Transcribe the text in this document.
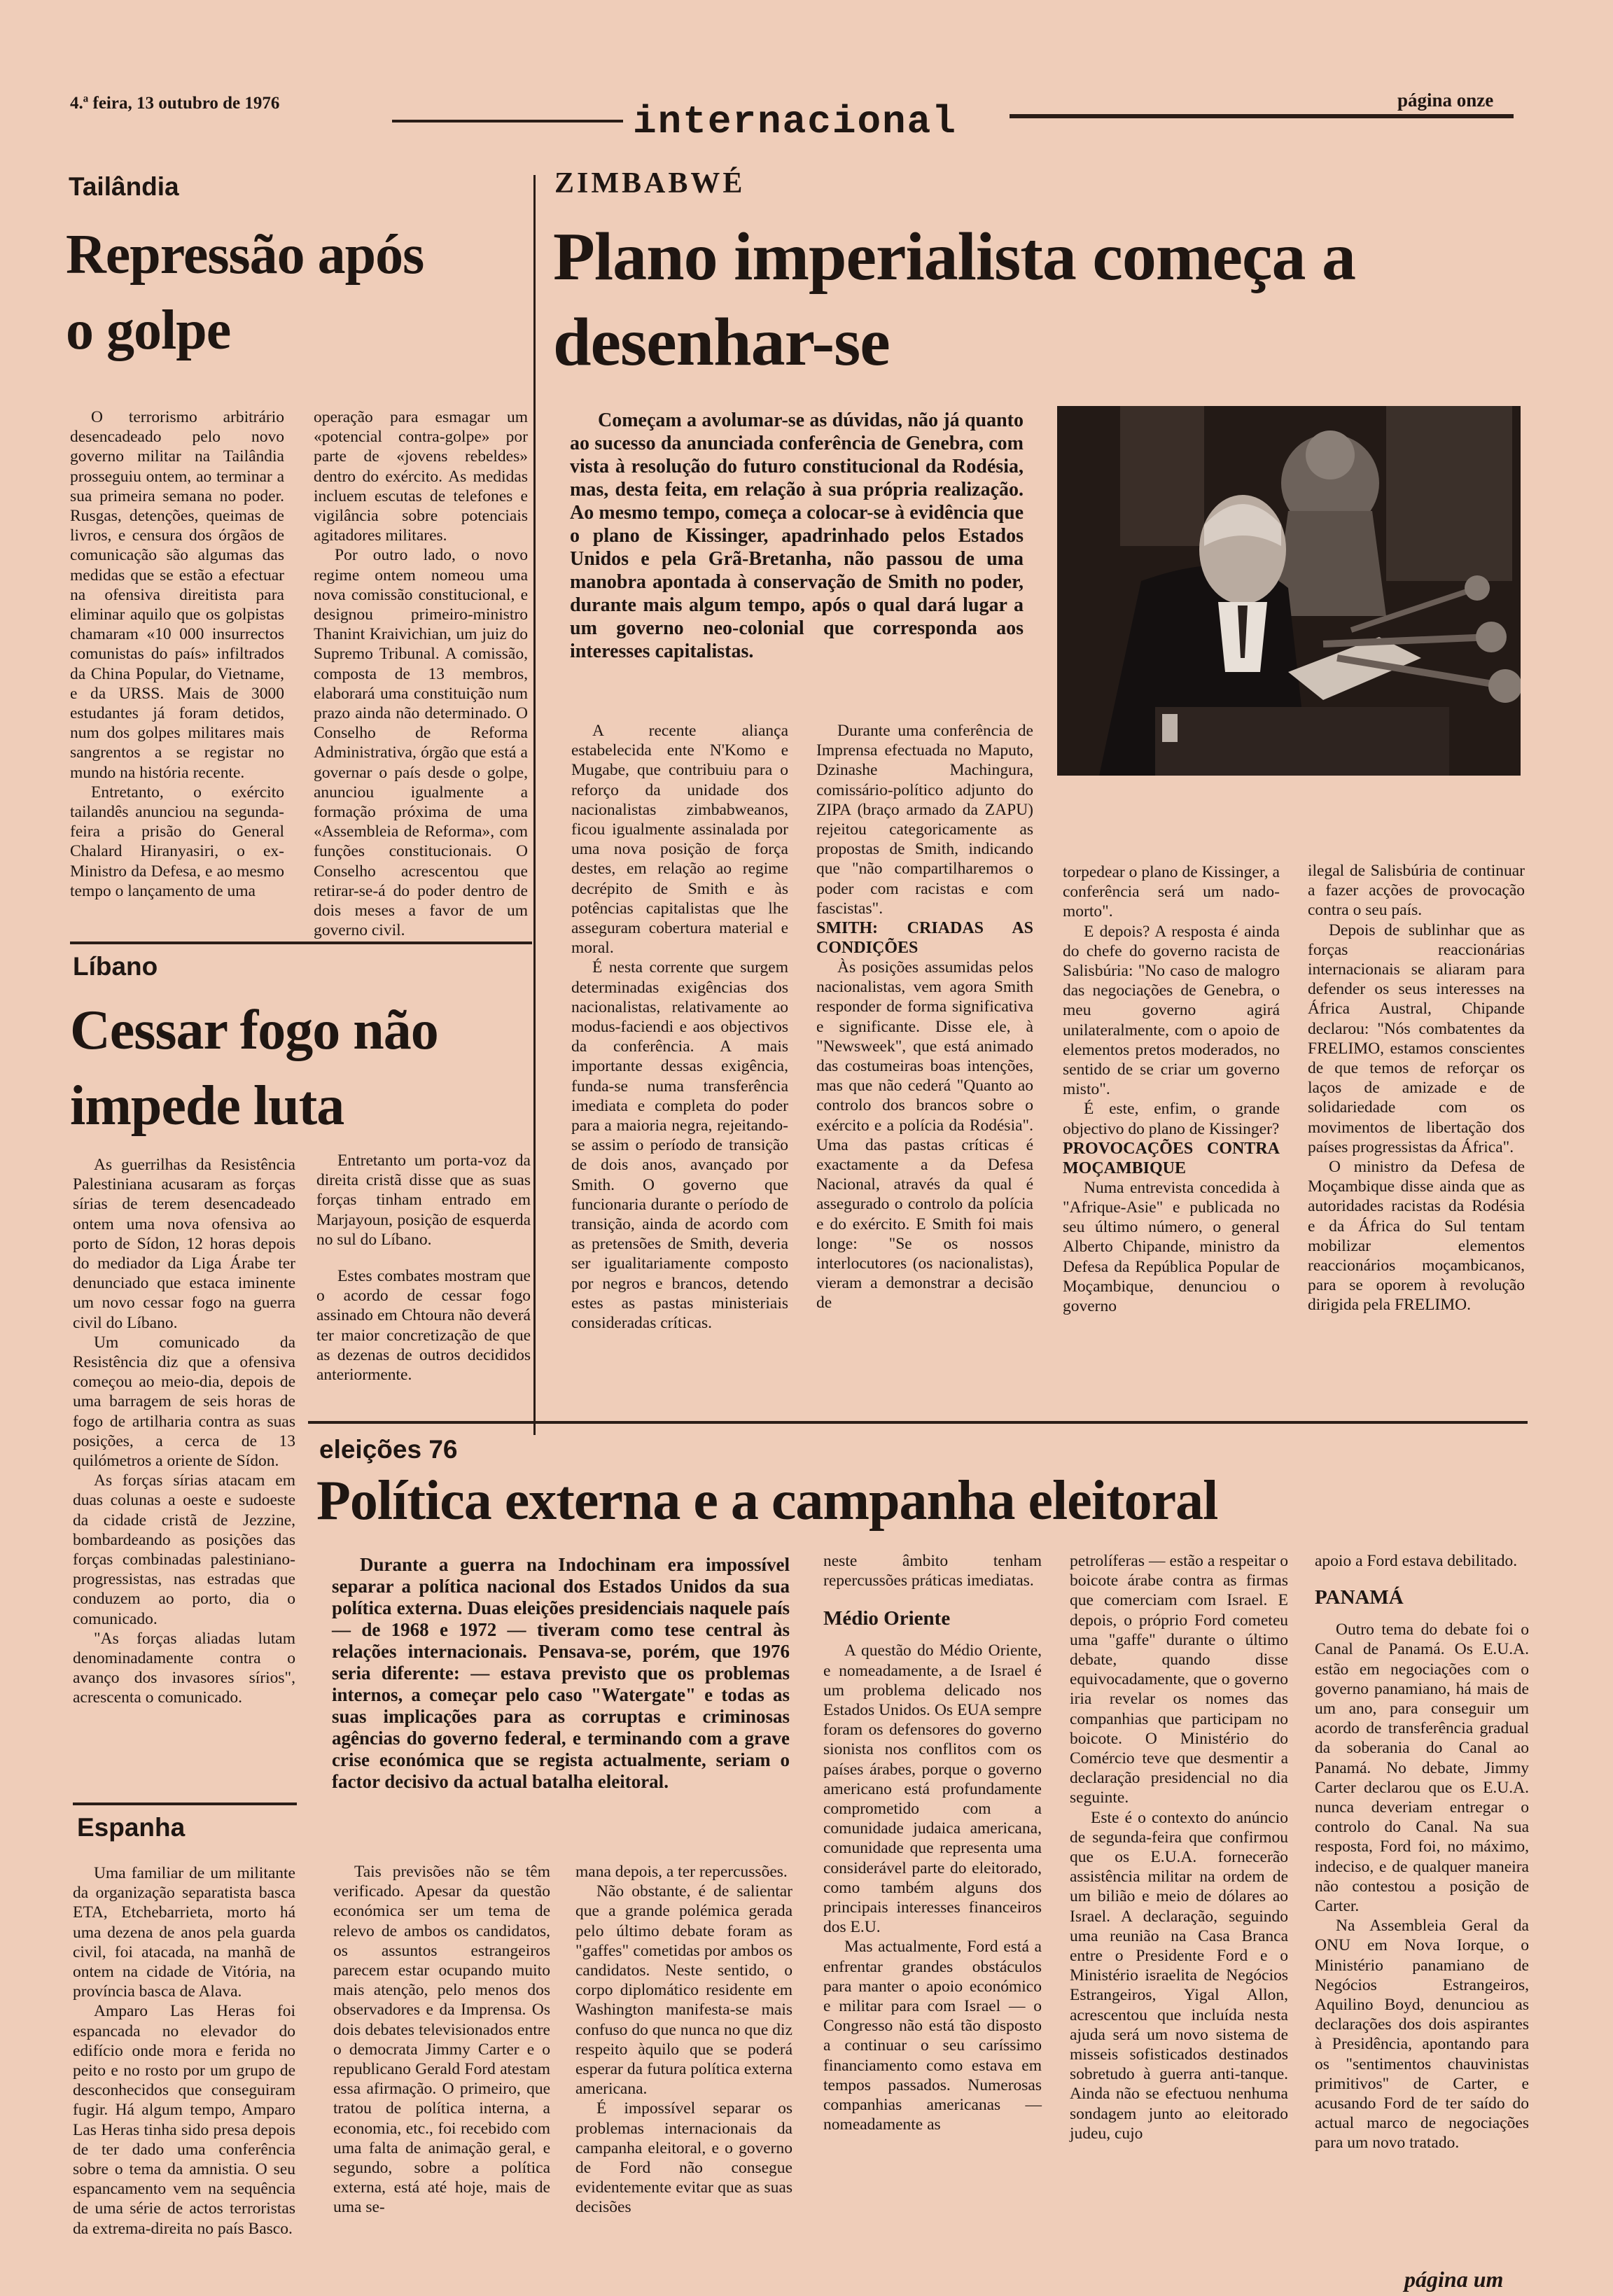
4.ª feira, 13 outubro de 1976	internacional	página onze
Tailândia
Repressão após o golpe

O terrorismo arbitrário desencadeado pelo novo governo militar na Tailândia prosseguiu ontem, ao terminar a sua primeira semana no poder. Rusgas, detenções, queimas de livros, e censura dos órgãos de comunicação são algumas das medidas que se estão a efectuar na ofensiva direitista para eliminar aquilo que os golpistas chamaram «10 000 insurrectos comunistas do país» infiltrados da China Popular, do Vietname, e da URSS. Mais de 3000 estudantes já foram detidos, num dos golpes militares mais sangrentos a se registar no mundo na história recente.

Entretanto, o exército tailandês anunciou na segunda-feira a prisão do General Chalard Hiranyasiri, o ex-Ministro da Defesa, e ao mesmo tempo o lançamento de uma

operação para esmagar um «potencial contra-golpe» por parte de «jovens rebeldes» dentro do exército. As medidas incluem escutas de telefones e vigilância sobre potenciais agitadores militares.

Por outro lado, o novo regime ontem nomeou uma nova comissão constitucional, e designou primeiro-ministro Thanint Kraivichian, um juiz do Supremo Tribunal. A comissão, composta de 13 membros, elaborará uma constituição num prazo ainda não determinado. O Conselho de Reforma Administrativa, órgão que está a governar o país desde o golpe, anunciou igualmente a formação próxima de uma «Assembleia de Reforma», com funções constitucionais. O Conselho acrescentou que retirar-se-á do poder dentro de dois meses a favor de um governo civil.

Líbano
Cessar fogo não impede luta

As guerrilhas da Resistência Palestiniana acusaram as forças sírias de terem desencadeado ontem uma nova ofensiva ao porto de Sídon, 12 horas depois do mediador da Liga Árabe ter denunciado que estaca iminente um novo cessar fogo na guerra civil do Líbano.

Um comunicado da Resistência diz que a ofensiva começou ao meio-dia, depois de uma barragem de seis horas de fogo de artilharia contra as suas posições, a cerca de 13 quilómetros a oriente de Sídon.

As forças sírias atacam em duas colunas a oeste e sudoeste da cidade cristã de Jezzine, bombardeando as posições das forças combinadas palestiniano-progressistas, nas estradas que conduzem ao porto, dia o comunicado.

"As forças aliadas lutam denominadamente contra o avanço dos invasores sírios", acrescenta o comunicado.

Entretanto um porta-voz da direita cristã disse que as suas forças tinham entrado em Marjayoun, posição de esquerda no sul do Líbano.

Estes combates mostram que o acordo de cessar fogo assinado em Chtoura não deverá ter maior concretização de que as dezenas de outros decididos anteriormente.

Espanha

Uma familiar de um militante da organização separatista basca ETA, Etchebarrieta, morto há uma dezena de anos pela guarda civil, foi atacada, na manhã de ontem na cidade de Vitória, na província basca de Alava.

Amparo Las Heras foi espancada no elevador do edifício onde mora e ferida no peito e no rosto por um grupo de desconhecidos que conseguiram fugir. Há algum tempo, Amparo Las Heras tinha sido presa depois de ter dado uma conferência sobre o tema da amnistia. O seu espancamento vem na sequência de uma série de actos terroristas da extrema-direita no país Basco.

ZIMBABWÉ
Plano imperialista começa a desenhar-se

Começam a avolumar-se as dúvidas, não já quanto ao sucesso da anunciada conferência de Genebra, com vista à resolução do futuro constitucional da Rodésia, mas, desta feita, em relação à sua própria realização. Ao mesmo tempo, começa a colocar-se à evidência que o plano de Kissinger, apadrinhado pelos Estados Unidos e pela Grã-Bretanha, não passou de uma manobra apontada à conservação de Smith no poder, durante mais algum tempo, após o qual dará lugar a um governo neo-colonial que corresponda aos interesses capitalistas.

A recente aliança estabelecida ente N'Komo e Mugabe, que contribuiu para o reforço da unidade dos nacionalistas zimbabweanos, ficou igualmente assinalada por uma nova posição de força destes, em relação ao regime decrépito de Smith e às potências capitalistas que lhe asseguram cobertura material e moral.

É nesta corrente que surgem determinadas exigências dos nacionalistas, relativamente ao modus-faciendi e aos objectivos da conferência. A mais importante dessas exigência, funda-se numa transferência imediata e completa do poder para a maioria negra, rejeitando-se assim o período de transição de dois anos, avançado por Smith. O governo que funcionaria durante o período de transição, ainda de acordo com as pretensões de Smith, deveria ser igualitariamente composto por negros e brancos, detendo estes as pastas ministeriais consideradas críticas.

Durante uma conferência de Imprensa efectuada no Maputo, Dzinashe Machingura, comissário-político adjunto do ZIPA (braço armado da ZAPU) rejeitou categoricamente as propostas de Smith, indicando que "não compartilharemos o poder com racistas e com fascistas".

SMITH: CRIADAS AS CONDIÇÕES

Às posições assumidas pelos nacionalistas, vem agora Smith responder de forma significativa e significante. Disse ele, à "Newsweek", que está animado das costumeiras boas intenções, mas que não cederá "Quanto ao controlo dos brancos sobre o exército e a polícia da Rodésia". Uma das pastas críticas é exactamente a da Defesa Nacional, através da qual é assegurado o controlo da polícia e do exército. E Smith foi mais longe: "Se os nossos interlocutores (os nacionalistas), vieram a demonstrar a decisão de

torpedear o plano de Kissinger, a conferência será um nado-morto".

E depois? A resposta é ainda do chefe do governo racista de Salisbúria: "No caso de malogro das negociações de Genebra, o meu governo agirá unilateralmente, com o apoio de elementos pretos moderados, no sentido de se criar um governo misto".

É este, enfim, o grande objectivo do plano de Kissinger?

PROVOCAÇÕES CONTRA MOÇAMBIQUE

Numa entrevista concedida à "Afrique-Asie" e publicada no seu último número, o general Alberto Chipande, ministro da Defesa da República Popular de Moçambique, denunciou o governo

ilegal de Salisbúria de continuar a fazer acções de provocação contra o seu país.

Depois de sublinhar que as forças reaccionárias internacionais se aliaram para defender os seus interesses na África Austral, Chipande declarou: "Nós combatentes da FRELIMO, estamos conscientes de que temos de reforçar os laços de amizade e de solidariedade com os movimentos de libertação dos países progressistas da África".

O ministro da Defesa de Moçambique disse ainda que as autoridades racistas da Rodésia e da África do Sul tentam mobilizar elementos reaccionários moçambicanos, para se oporem à revolução dirigida pela FRELIMO.

eleições 76
Política externa e a campanha eleitoral

Durante a guerra na Indochinam era impossível separar a política nacional dos Estados Unidos da sua política externa. Duas eleições presidenciais naquele país — de 1968 e 1972 — tiveram como tese central às relações internacionais. Pensava-se, porém, que 1976 seria diferente: — estava previsto que os problemas internos, a começar pelo caso "Watergate" e todas as suas implicações para as corruptas e criminosas agências do governo federal, e terminando com a grave crise económica que se regista actualmente, seriam o factor decisivo da actual batalha eleitoral.

Tais previsões não se têm verificado. Apesar da questão económica ser um tema de relevo de ambos os candidatos, os assuntos estrangeiros parecem estar ocupando muito mais atenção, pelo menos dos observadores e da Imprensa. Os dois debates televisionados entre o democrata Jimmy Carter e o republicano Gerald Ford atestam essa afirmação. O primeiro, que tratou de política interna, a economia, etc., foi recebido com uma falta de animação geral, e segundo, sobre a política externa, está até hoje, mais de uma se-

mana depois, a ter repercussões.

Não obstante, é de salientar que a grande polémica gerada pelo último debate foram as "gaffes" cometidas por ambos os candidatos. Neste sentido, o corpo diplomático residente em Washington manifesta-se mais confuso do que nunca no que diz respeito àquilo que se poderá esperar da futura política externa americana.

É impossível separar os problemas internacionais da campanha eleitoral, e o governo de Ford não consegue evidentemente evitar que as suas decisões

neste âmbito tenham repercussões práticas imediatas.

Médio Oriente

A questão do Médio Oriente, e nomeadamente, a de Israel é um problema delicado nos Estados Unidos. Os EUA sempre foram os defensores do governo sionista nos conflitos com os países árabes, porque o governo americano está profundamente comprometido com a comunidade judaica americana, comunidade que representa uma considerável parte do eleitorado, como também alguns dos principais interesses financeiros dos E.U.

Mas actualmente, Ford está a enfrentar grandes obstáculos para manter o apoio económico e militar para com Israel — o Congresso não está tão disposto a continuar o seu caríssimo financiamento como estava em tempos passados. Numerosas companhias americanas — nomeadamente as

petrolíferas — estão a respeitar o boicote árabe contra as firmas que comerciam com Israel. E depois, o próprio Ford cometeu uma "gaffe" durante o último debate, quando disse equivocadamente, que o governo iria revelar os nomes das companhias que participam no boicote. O Ministério do Comércio teve que desmentir a declaração presidencial no dia seguinte.

Este é o contexto do anúncio de segunda-feira que confirmou que os E.U.A. fornecerão assistência militar na ordem de um bilião e meio de dólares ao Israel. A declaração, seguindo uma reunião na Casa Branca entre o Presidente Ford e o Ministério israelita de Negócios Estrangeiros, Yigal Allon, acrescentou que incluída nesta ajuda será um novo sistema de misseis sofisticados destinados sobretudo à guerra anti-tanque. Ainda não se efectuou nenhuma sondagem junto ao eleitorado judeu, cujo

apoio a Ford estava debilitado.

PANAMÁ

Outro tema do debate foi o Canal de Panamá. Os E.U.A. estão em negociações com o governo panamiano, há mais de um ano, para conseguir um acordo de transferência gradual da soberania do Canal ao Panamá. No debate, Jimmy Carter declarou que os E.U.A. nunca deveriam entregar o controlo do Canal. Na sua resposta, Ford foi, no máximo, indeciso, e de qualquer maneira não contestou a posição de Carter.

Na Assembleia Geral da ONU em Nova Iorque, o Ministério panamiano de Negócios Estrangeiros, Aquilino Boyd, denunciou as declarações dos dois aspirantes à Presidência, apontando para os "sentimentos chauvinistas primitivos" de Carter, e acusando Ford de ter saído do actual marco de negociações para um novo tratado.

página um
